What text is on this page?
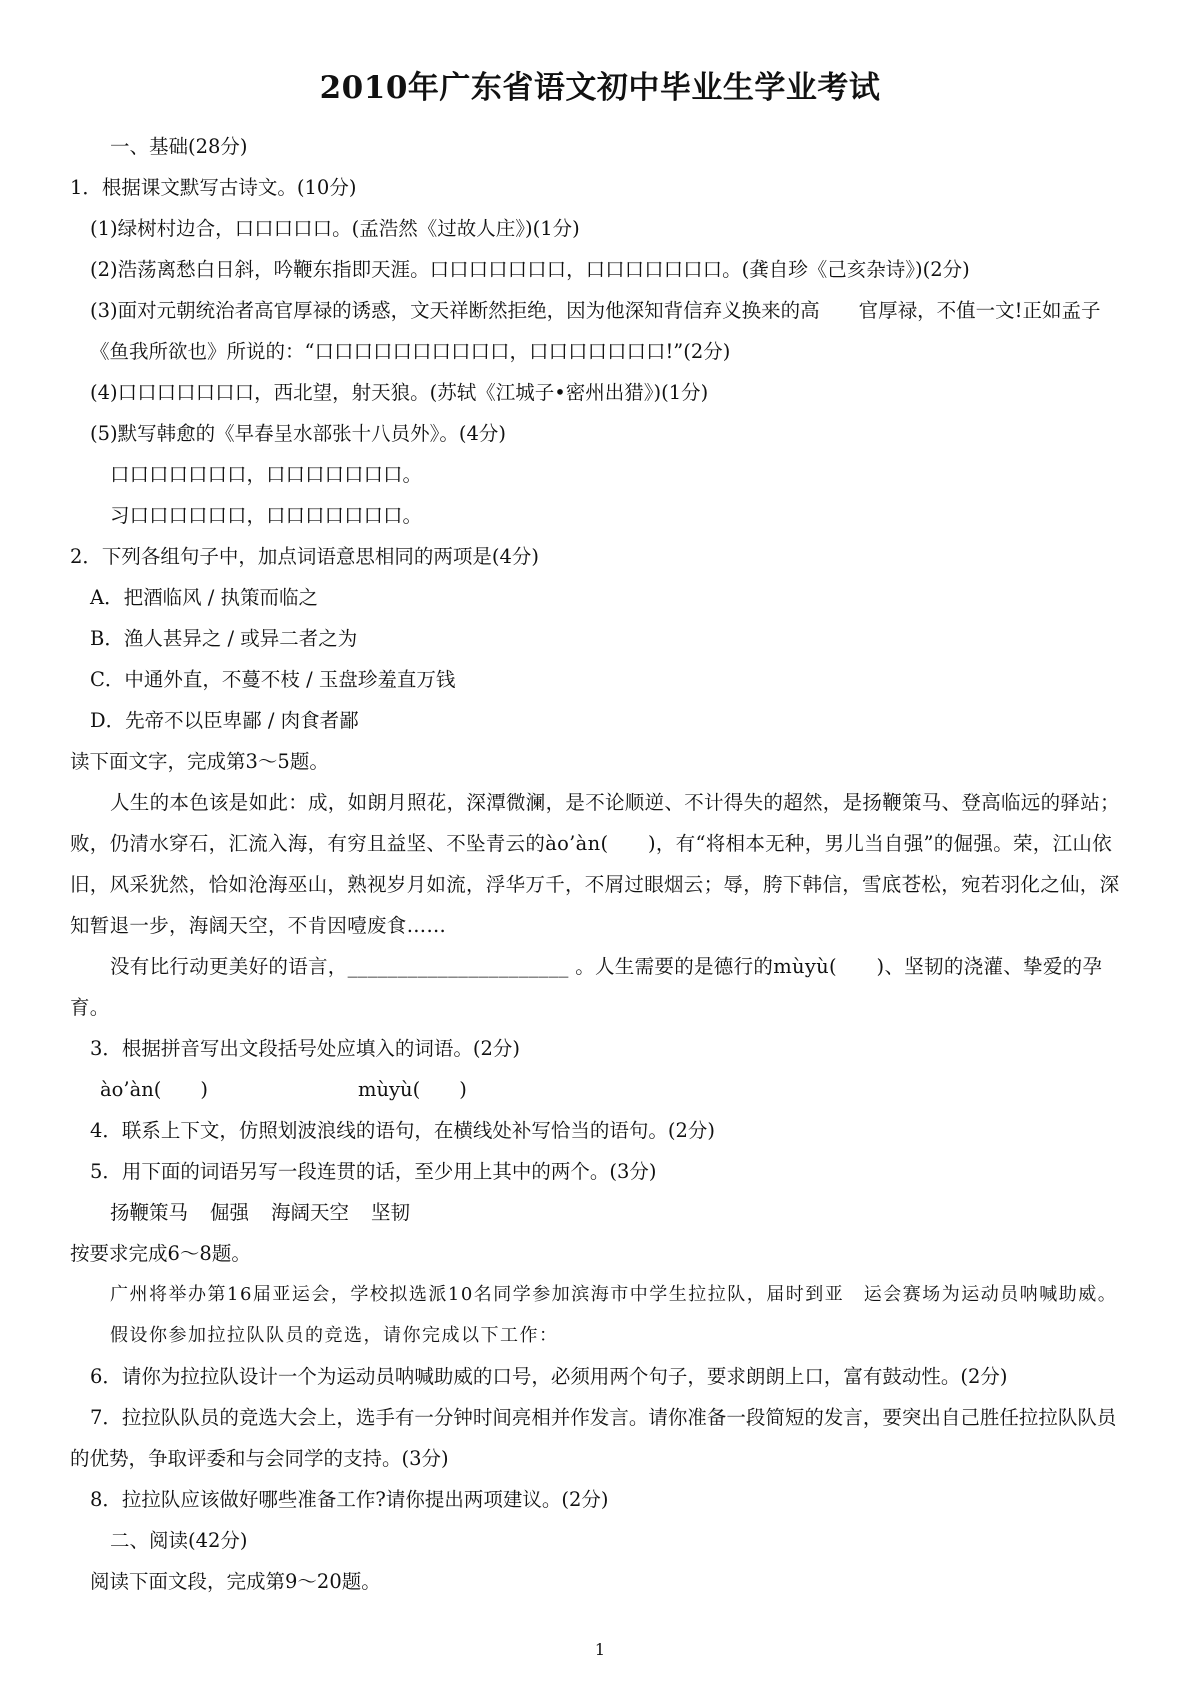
2010年广东省语文初中毕业生学业考试

一、基础(28分)

1．根据课文默写古诗文。(10分)

(1)绿树村边合，口口口口口。(孟浩然《过故人庄》)(1分)

(2)浩荡离愁白日斜，吟鞭东指即天涯。口口口口口口口，口口口口口口口。(龚自珍《己亥杂诗》)(2分)

(3)面对元朝统治者高官厚禄的诱惑，文天祥断然拒绝，因为他深知背信弃义换来的高　　官厚禄，不值一文!正如孟子《鱼我所欲也》所说的：“口口口口口口口口口口，口口口口口口口!”(2分)

(4)口口口口口口口，西北望，射天狼。(苏轼《江城子•密州出猎》)(1分)

(5)默写韩愈的《早春呈水部张十八员外》。(4分)

口口口口口口口，口口口口口口口。

习口口口口口口，口口口口口口口。

2．下列各组句子中，加点词语意思相同的两项是(4分)

A．把酒临风 / 执策而临之

B．渔人甚异之 / 或异二者之为

C．中通外直，不蔓不枝 / 玉盘珍羞直万钱

D．先帝不以臣卑鄙 / 肉食者鄙

读下面文字，完成第3～5题。

人生的本色该是如此：成，如朗月照花，深潭微澜，是不论顺逆、不计得失的超然，是扬鞭策马、登高临远的驿站；败，仍清水穿石，汇流入海，有穷且益坚、不坠青云的ào’àn(　　)，有“将相本无种，男儿当自强”的倔强。荣，江山依旧，风采犹然，恰如沧海巫山，熟视岁月如流，浮华万千，不屑过眼烟云；辱，胯下韩信，雪底苍松，宛若羽化之仙，深知暂退一步，海阔天空，不肯因噎废食……

没有比行动更美好的语言，______________________ 。人生需要的是德行的mùyù(　　)、坚韧的浇灌、挚爱的孕育。

3．根据拼音写出文段括号处应填入的词语。(2分)

ào’àn(　　)	mùyù(　　)

4．联系上下文，仿照划波浪线的语句，在横线处补写恰当的语句。(2分)

5．用下面的词语另写一段连贯的话，至少用上其中的两个。(3分)

扬鞭策马 倔强 海阔天空 坚韧

按要求完成6～8题。

广州将举办第16届亚运会，学校拟选派10名同学参加滨海市中学生拉拉队，届时到亚　运会赛场为运动员呐喊助威。假设你参加拉拉队队员的竞选，请你完成以下工作：

6．请你为拉拉队设计一个为运动员呐喊助威的口号，必须用两个句子，要求朗朗上口，富有鼓动性。(2分)

7．拉拉队队员的竞选大会上，选手有一分钟时间亮相并作发言。请你准备一段简短的发言，要突出自己胜任拉拉队队员的优势，争取评委和与会同学的支持。(3分)

8．拉拉队应该做好哪些准备工作?请你提出两项建议。(2分)

二、阅读(42分)

阅读下面文段，完成第9～20题。

1
